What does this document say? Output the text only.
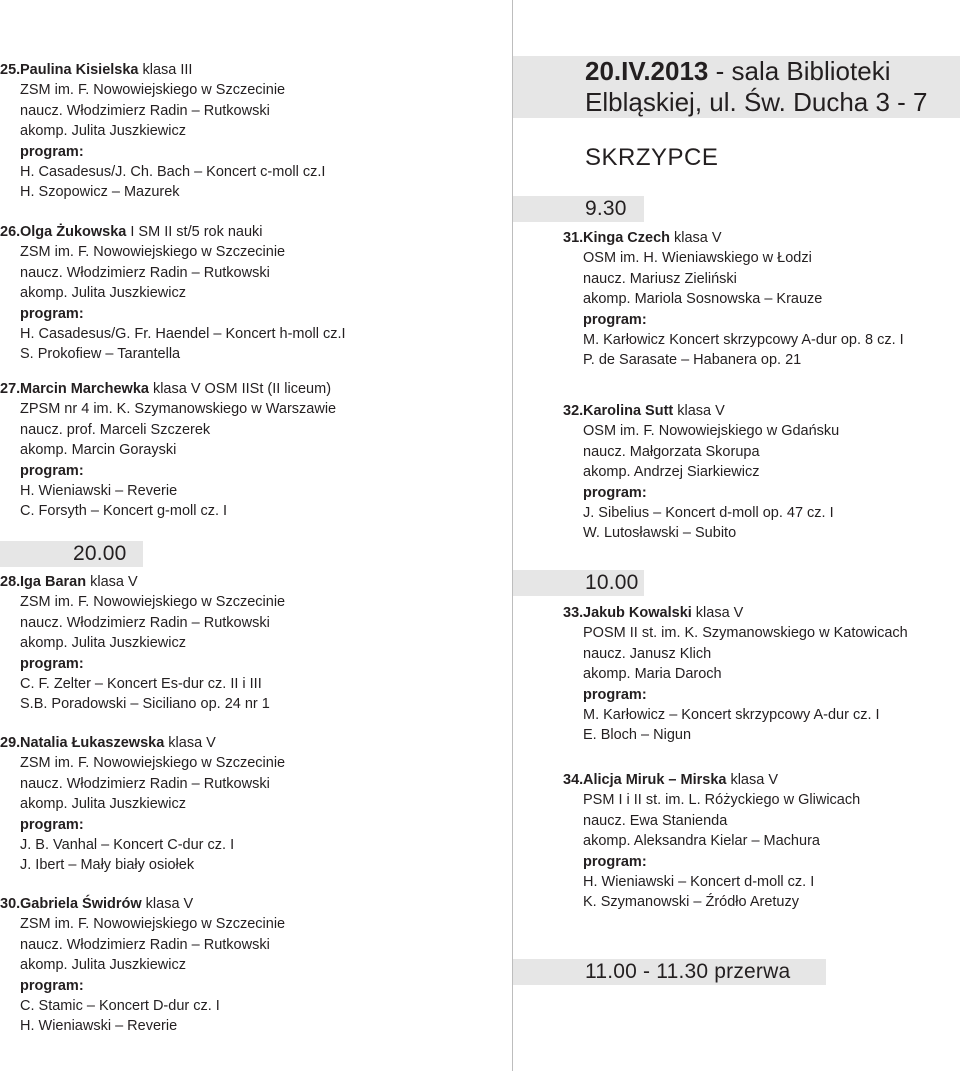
25. Paulina Kisielska klasa III
ZSM im. F. Nowowiejskiego w Szczecinie
naucz. Włodzimierz Radin – Rutkowski
akomp. Julita Juszkiewicz
program:
H. Casadesus/J. Ch. Bach – Koncert c-moll cz.I
H. Szopowicz – Mazurek
26. Olga Żukowska I SM II st/5 rok nauki
ZSM im. F. Nowowiejskiego w Szczecinie
naucz. Włodzimierz Radin – Rutkowski
akomp. Julita Juszkiewicz
program:
H. Casadesus/G. Fr. Haendel – Koncert h-moll cz.I
S. Prokofiew – Tarantella
27. Marcin Marchewka klasa V OSM IISt (II liceum)
ZPSM nr 4 im. K. Szymanowskiego w Warszawie
naucz. prof. Marceli Szczerek
akomp. Marcin Gorayski
program:
H. Wieniawski – Reverie
C. Forsyth – Koncert g-moll cz. I
20.00
28. Iga Baran klasa V
ZSM im. F. Nowowiejskiego w Szczecinie
naucz. Włodzimierz Radin – Rutkowski
akomp. Julita Juszkiewicz
program:
C. F. Zelter – Koncert Es-dur cz. II i III
S.B. Poradowski – Siciliano op. 24 nr 1
29. Natalia Łukaszewska klasa V
ZSM im. F. Nowowiejskiego w Szczecinie
naucz. Włodzimierz Radin – Rutkowski
akomp. Julita Juszkiewicz
program:
J. B. Vanhal – Koncert C-dur cz. I
J. Ibert – Mały biały osiołek
30. Gabriela Świdrów klasa V
ZSM im. F. Nowowiejskiego w Szczecinie
naucz. Włodzimierz Radin – Rutkowski
akomp. Julita Juszkiewicz
program:
C. Stamic – Koncert D-dur cz. I
H. Wieniawski – Reverie
20.IV.2013 - sala Biblioteki
Elbląskiej, ul. Św. Ducha 3 - 7
SKRZYPCE
9.30
31. Kinga Czech klasa V
OSM im. H. Wieniawskiego w Łodzi
naucz. Mariusz Zieliński
akomp. Mariola Sosnowska – Krauze
program:
M. Karłowicz Koncert skrzypcowy A-dur op. 8 cz. I
P. de Sarasate – Habanera op. 21
32. Karolina Sutt klasa V
OSM im. F. Nowowiejskiego w Gdańsku
naucz. Małgorzata Skorupa
akomp. Andrzej Siarkiewicz
program:
J. Sibelius – Koncert d-moll op. 47 cz. I
W. Lutosławski – Subito
10.00
33. Jakub Kowalski klasa V
POSM II st. im. K. Szymanowskiego w Katowicach
naucz. Janusz Klich
akomp. Maria Daroch
program:
M. Karłowicz – Koncert skrzypcowy A-dur cz. I
E. Bloch – Nigun
34. Alicja Miruk – Mirska klasa V
PSM I i II st. im. L. Różyckiego w Gliwicach
naucz. Ewa Stanienda
akomp. Aleksandra Kielar – Machura
program:
H. Wieniawski – Koncert d-moll cz. I
K. Szymanowski – Źródło Aretuzy
11.00 - 11.30 przerwa
